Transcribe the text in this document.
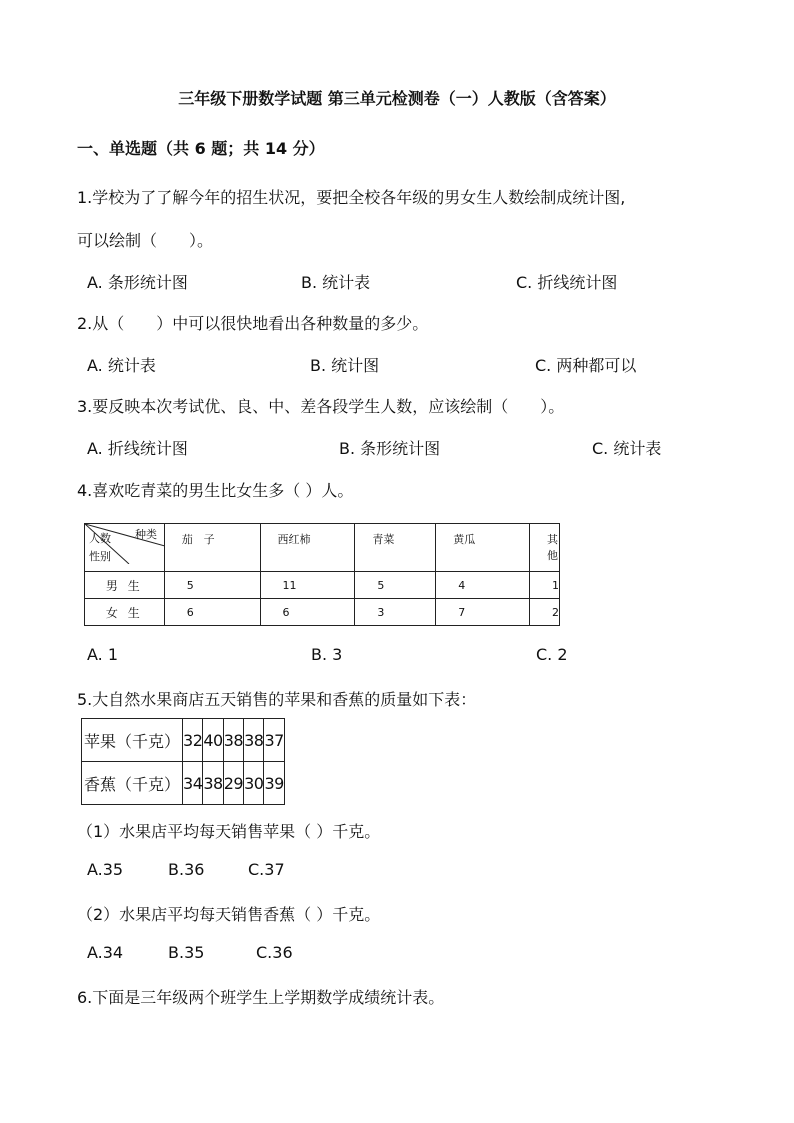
三年级下册数学试题 第三单元检测卷（一）人教版（含答案）
一、单选题（共 6 题；共 14 分）
1.学校为了了解今年的招生状况，要把全校各年级的男女生人数绘制成统计图,
可以绘制（　　）。
A. 条形统计图	B. 统计表	C. 折线统计图
2.从（　　）中可以很快地看出各种数量的多少。
A. 统计表	B. 统计图	C. 两种都可以
3.要反映本次考试优、良、中、差各段学生人数，应该绘制（　　）。
A. 折线统计图	B. 条形统计图	C. 统计表
4.喜欢吃青菜的男生比女生多（ ）人。
种类
人数
性别	茄　子	西红柿	青菜	黄瓜	其他
男 生	5	11	5	4	1
女 生	6	6	3	7	2
A. 1	B. 3	C. 2
5.大自然水果商店五天销售的苹果和香蕉的质量如下表：
苹果（千克）	32	40	38	38	37
香蕉（千克）	34	38	29	30	39
（1）水果店平均每天销售苹果（ ）千克。
A.35	B.36	C.37
（2）水果店平均每天销售香蕉（ ）千克。
A.34	B.35	C.36
6.下面是三年级两个班学生上学期数学成绩统计表。
